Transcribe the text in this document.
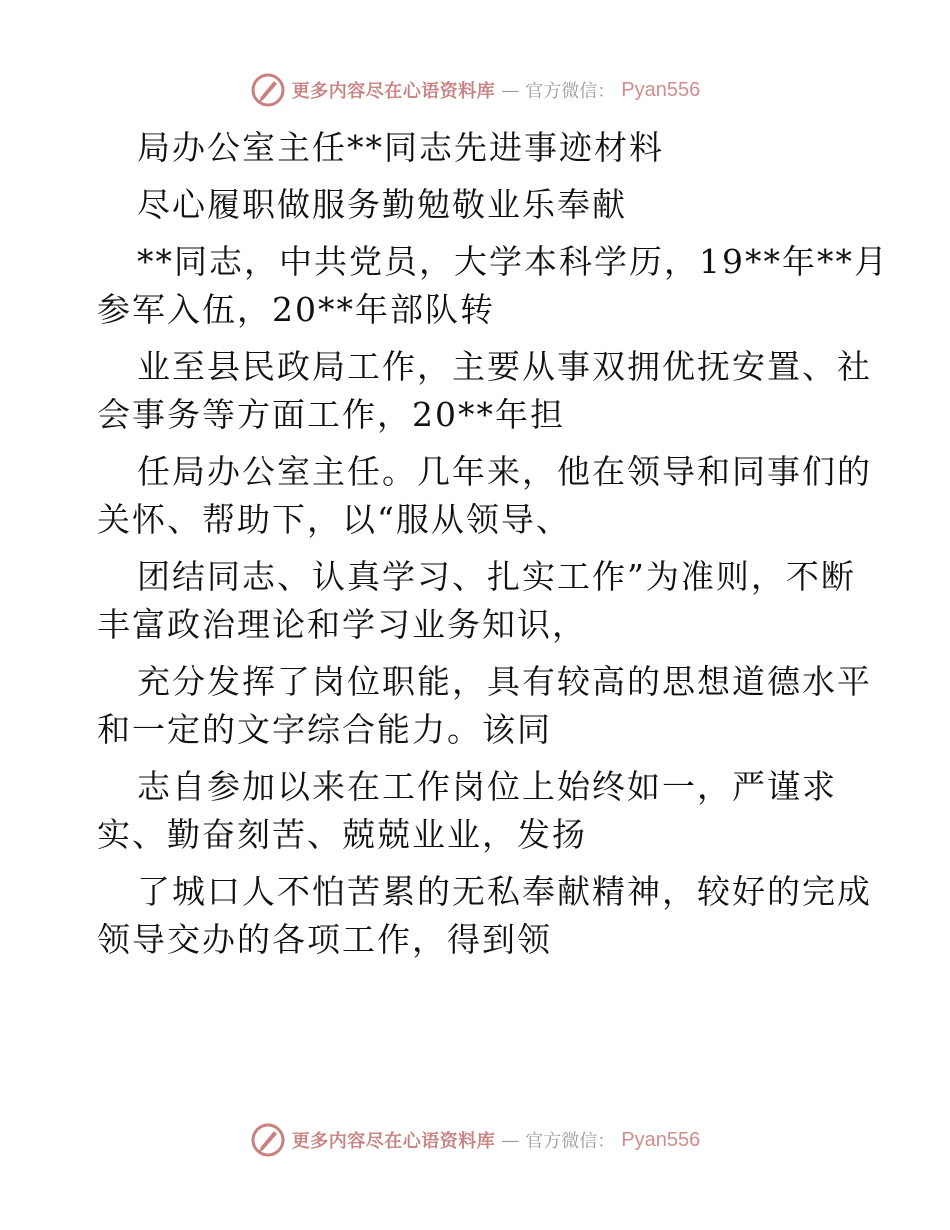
更多内容尽在心语资料库 — 官方微信： Pyan556
局办公室主任**同志先进事迹材料
尽心履职做服务勤勉敬业乐奉献
**同志，中共党员，大学本科学历，19**年**月
参军入伍，20**年部队转
业至县民政局工作，主要从事双拥优抚安置、社
会事务等方面工作，20**年担
任局办公室主任。几年来，他在领导和同事们的
关怀、帮助下，以“服从领导、
团结同志、认真学习、扎实工作”为准则，不断
丰富政治理论和学习业务知识，
充分发挥了岗位职能，具有较高的思想道德水平
和一定的文字综合能力。该同
志自参加以来在工作岗位上始终如一，严谨求
实、勤奋刻苦、兢兢业业，发扬
了城口人不怕苦累的无私奉献精神，较好的完成
领导交办的各项工作，得到领
更多内容尽在心语资料库 — 官方微信： Pyan556
